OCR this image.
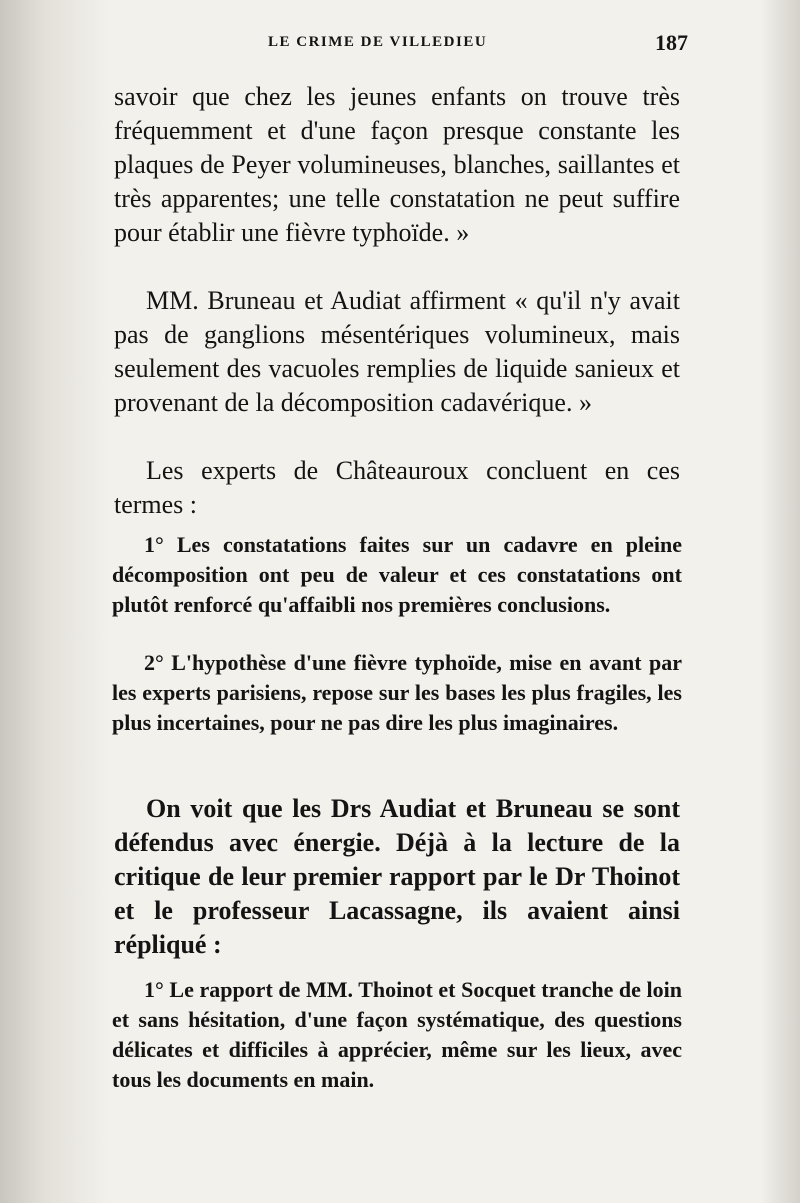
LE CRIME DE VILLEDIEU	187

savoir que chez les jeunes enfants on trouve très fréquemment et d'une façon presque constante les plaques de Peyer volumineuses, blanches, saillantes et très apparentes; une telle constatation ne peut suffire pour établir une fièvre typhoïde. »

MM. Bruneau et Audiat affirment « qu'il n'y avait pas de ganglions mésentériques volumineux, mais seulement des vacuoles remplies de liquide sanieux et provenant de la décomposition cadavérique. »

Les experts de Châteauroux concluent en ces termes :

1° Les constatations faites sur un cadavre en pleine décomposition ont peu de valeur et ces constatations ont plutôt renforcé qu'affaibli nos premières conclusions.

2° L'hypothèse d'une fièvre typhoïde, mise en avant par les experts parisiens, repose sur les bases les plus fragiles, les plus incertaines, pour ne pas dire les plus imaginaires.

On voit que les Drs Audiat et Bruneau se sont défendus avec énergie. Déjà à la lecture de la critique de leur premier rapport par le Dr Thoinot et le professeur Lacassagne, ils avaient ainsi répliqué :

1° Le rapport de MM. Thoinot et Socquet tranche de loin et sans hésitation, d'une façon systématique, des questions délicates et difficiles à apprécier, même sur les lieux, avec tous les documents en main.
